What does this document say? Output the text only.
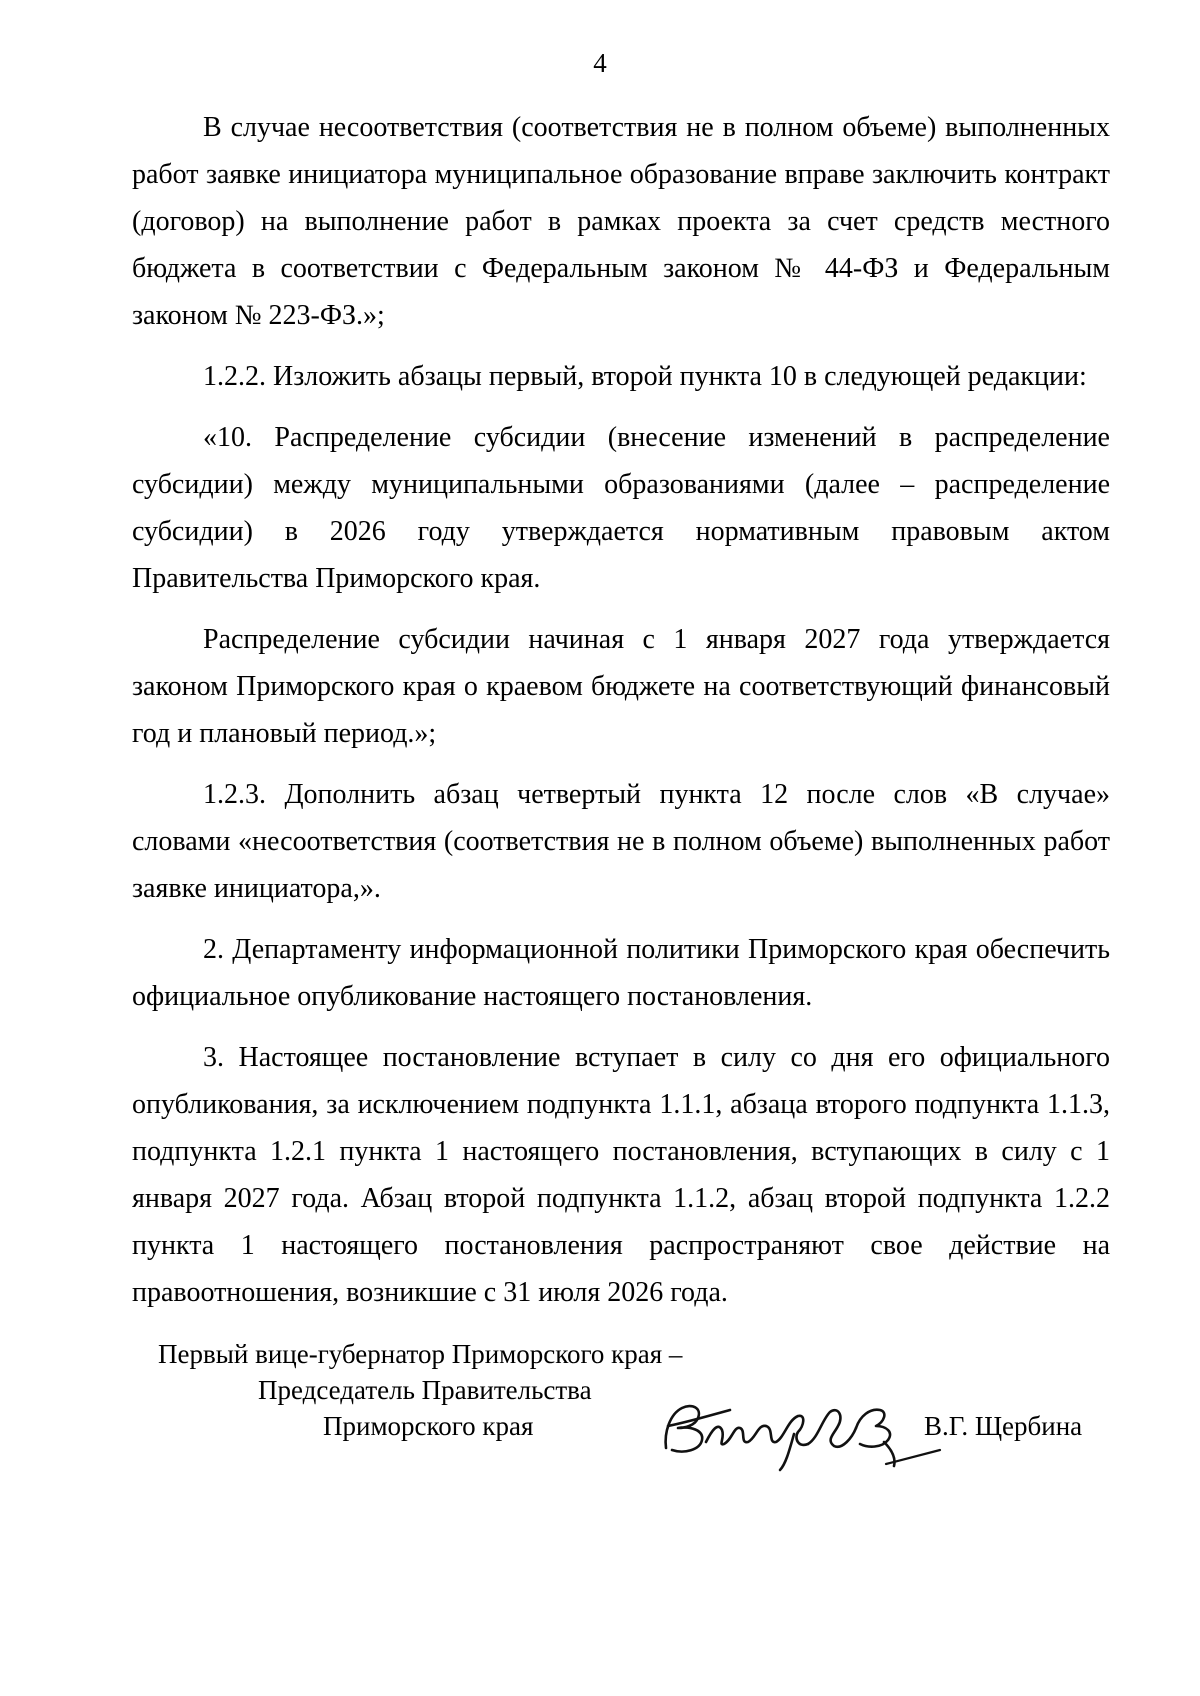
4

В случае несоответствия (соответствия не в полном объеме) выполненных работ заявке инициатора муниципальное образование вправе заключить контракт (договор) на выполнение работ в рамках проекта за счет средств местного бюджета в соответствии с Федеральным законом № 44-ФЗ и Федеральным законом № 223-ФЗ.»;

1.2.2. Изложить абзацы первый, второй пункта 10 в следующей редакции:

«10. Распределение субсидии (внесение изменений в распределение субсидии) между муниципальными образованиями (далее – распределение субсидии) в 2026 году утверждается нормативным правовым актом Правительства Приморского края.

Распределение субсидии начиная с 1 января 2027 года утверждается законом Приморского края о краевом бюджете на соответствующий финансовый год и плановый период.»;

1.2.3. Дополнить абзац четвертый пункта 12 после слов «В случае» словами «несоответствия (соответствия не в полном объеме) выполненных работ заявке инициатора,».

2. Департаменту информационной политики Приморского края обеспечить официальное опубликование настоящего постановления.

3. Настоящее постановление вступает в силу со дня его официального опубликования, за исключением подпункта 1.1.1, абзаца второго подпункта 1.1.3, подпункта 1.2.1 пункта 1 настоящего постановления, вступающих в силу с 1 января 2027 года. Абзац второй подпункта 1.1.2, абзац второй подпункта 1.2.2 пункта 1 настоящего постановления распространяют свое действие на правоотношения, возникшие с 31 июля 2026 года.

Первый вице-губернатор Приморского края –
Председатель Правительства
Приморского края	В.Г. Щербина
